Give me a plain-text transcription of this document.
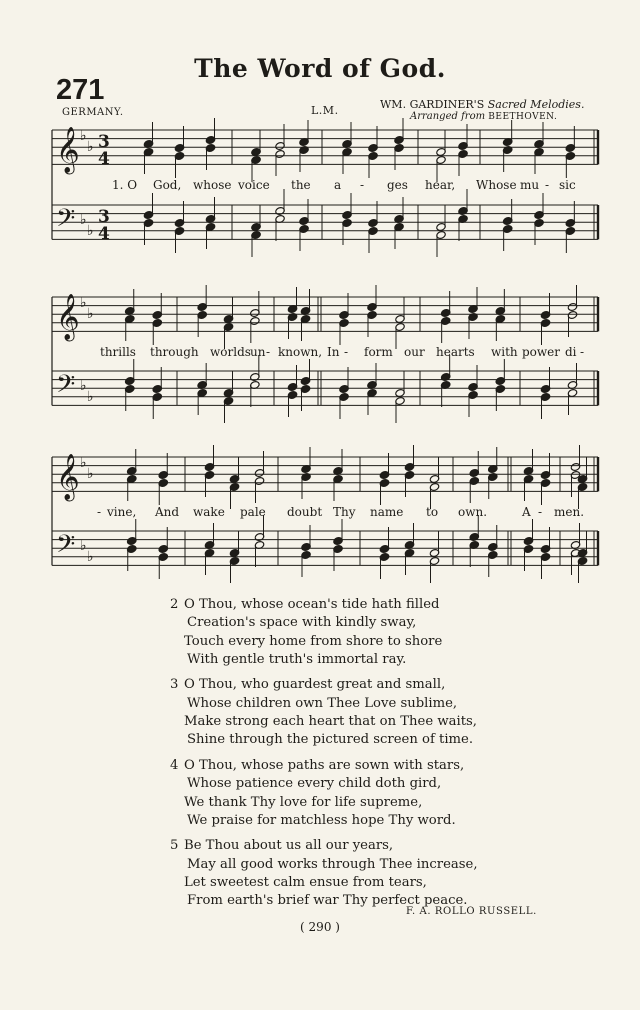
The Word of God.
271
GERMANY.	L.M.	WM. GARDINER'S Sacred Melodies.
Arranged from BEETHOVEN.
𝄞 ♭
♭ 3
4
𝄢 ♭
♭
3
4
𝄞 ♭
♭
𝄢 ♭
♭
𝄞 ♭
♭
𝄢 ♭
♭
1. O God, whose voice the a - ges hear, Whose mu - sic
thrills through worlds un - known, In - form our hearts with power di -
- vine, And wake pale doubt Thy name to own.	A - men.
2 O Thou, whose ocean's tide hath filled
Creation's space with kindly sway,
Touch every home from shore to shore
With gentle truth's immortal ray.
3 O Thou, who guardest great and small,
Whose children own Thee Love sublime,
Make strong each heart that on Thee waits,
Shine through the pictured screen of time.
4 O Thou, whose paths are sown with stars,
Whose patience every child doth gird,
We thank Thy love for life supreme,
We praise for matchless hope Thy word.
5 Be Thou about us all our years,
May all good works through Thee increase,
Let sweetest calm ensue from tears,
From earth's brief war Thy perfect peace.
F. A. ROLLO RUSSELL.
( 290 )
